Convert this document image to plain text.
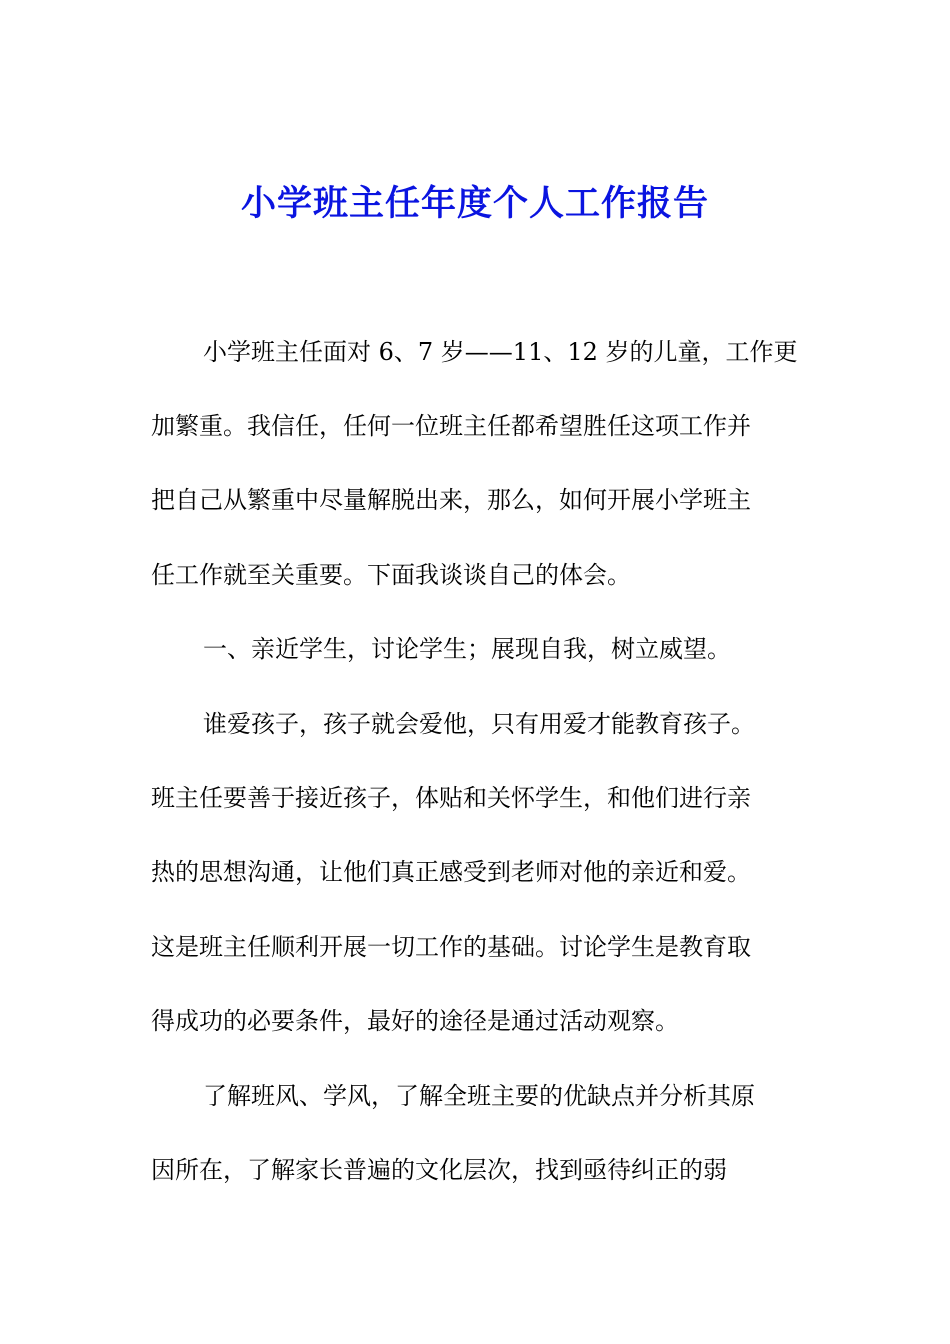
小学班主任年度个人工作报告
小学班主任面对 6、7 岁——11、12 岁的儿童，工作更
加繁重。我信任，任何一位班主任都希望胜任这项工作并
把自己从繁重中尽量解脱出来，那么，如何开展小学班主
任工作就至关重要。下面我谈谈自己的体会。
一、亲近学生，讨论学生；展现自我，树立威望。
谁爱孩子，孩子就会爱他，只有用爱才能教育孩子。
班主任要善于接近孩子，体贴和关怀学生，和他们进行亲
热的思想沟通，让他们真正感受到老师对他的亲近和爱。
这是班主任顺利开展一切工作的基础。讨论学生是教育取
得成功的必要条件，最好的途径是通过活动观察。
了解班风、学风，了解全班主要的优缺点并分析其原
因所在，了解家长普遍的文化层次，找到亟待纠正的弱
